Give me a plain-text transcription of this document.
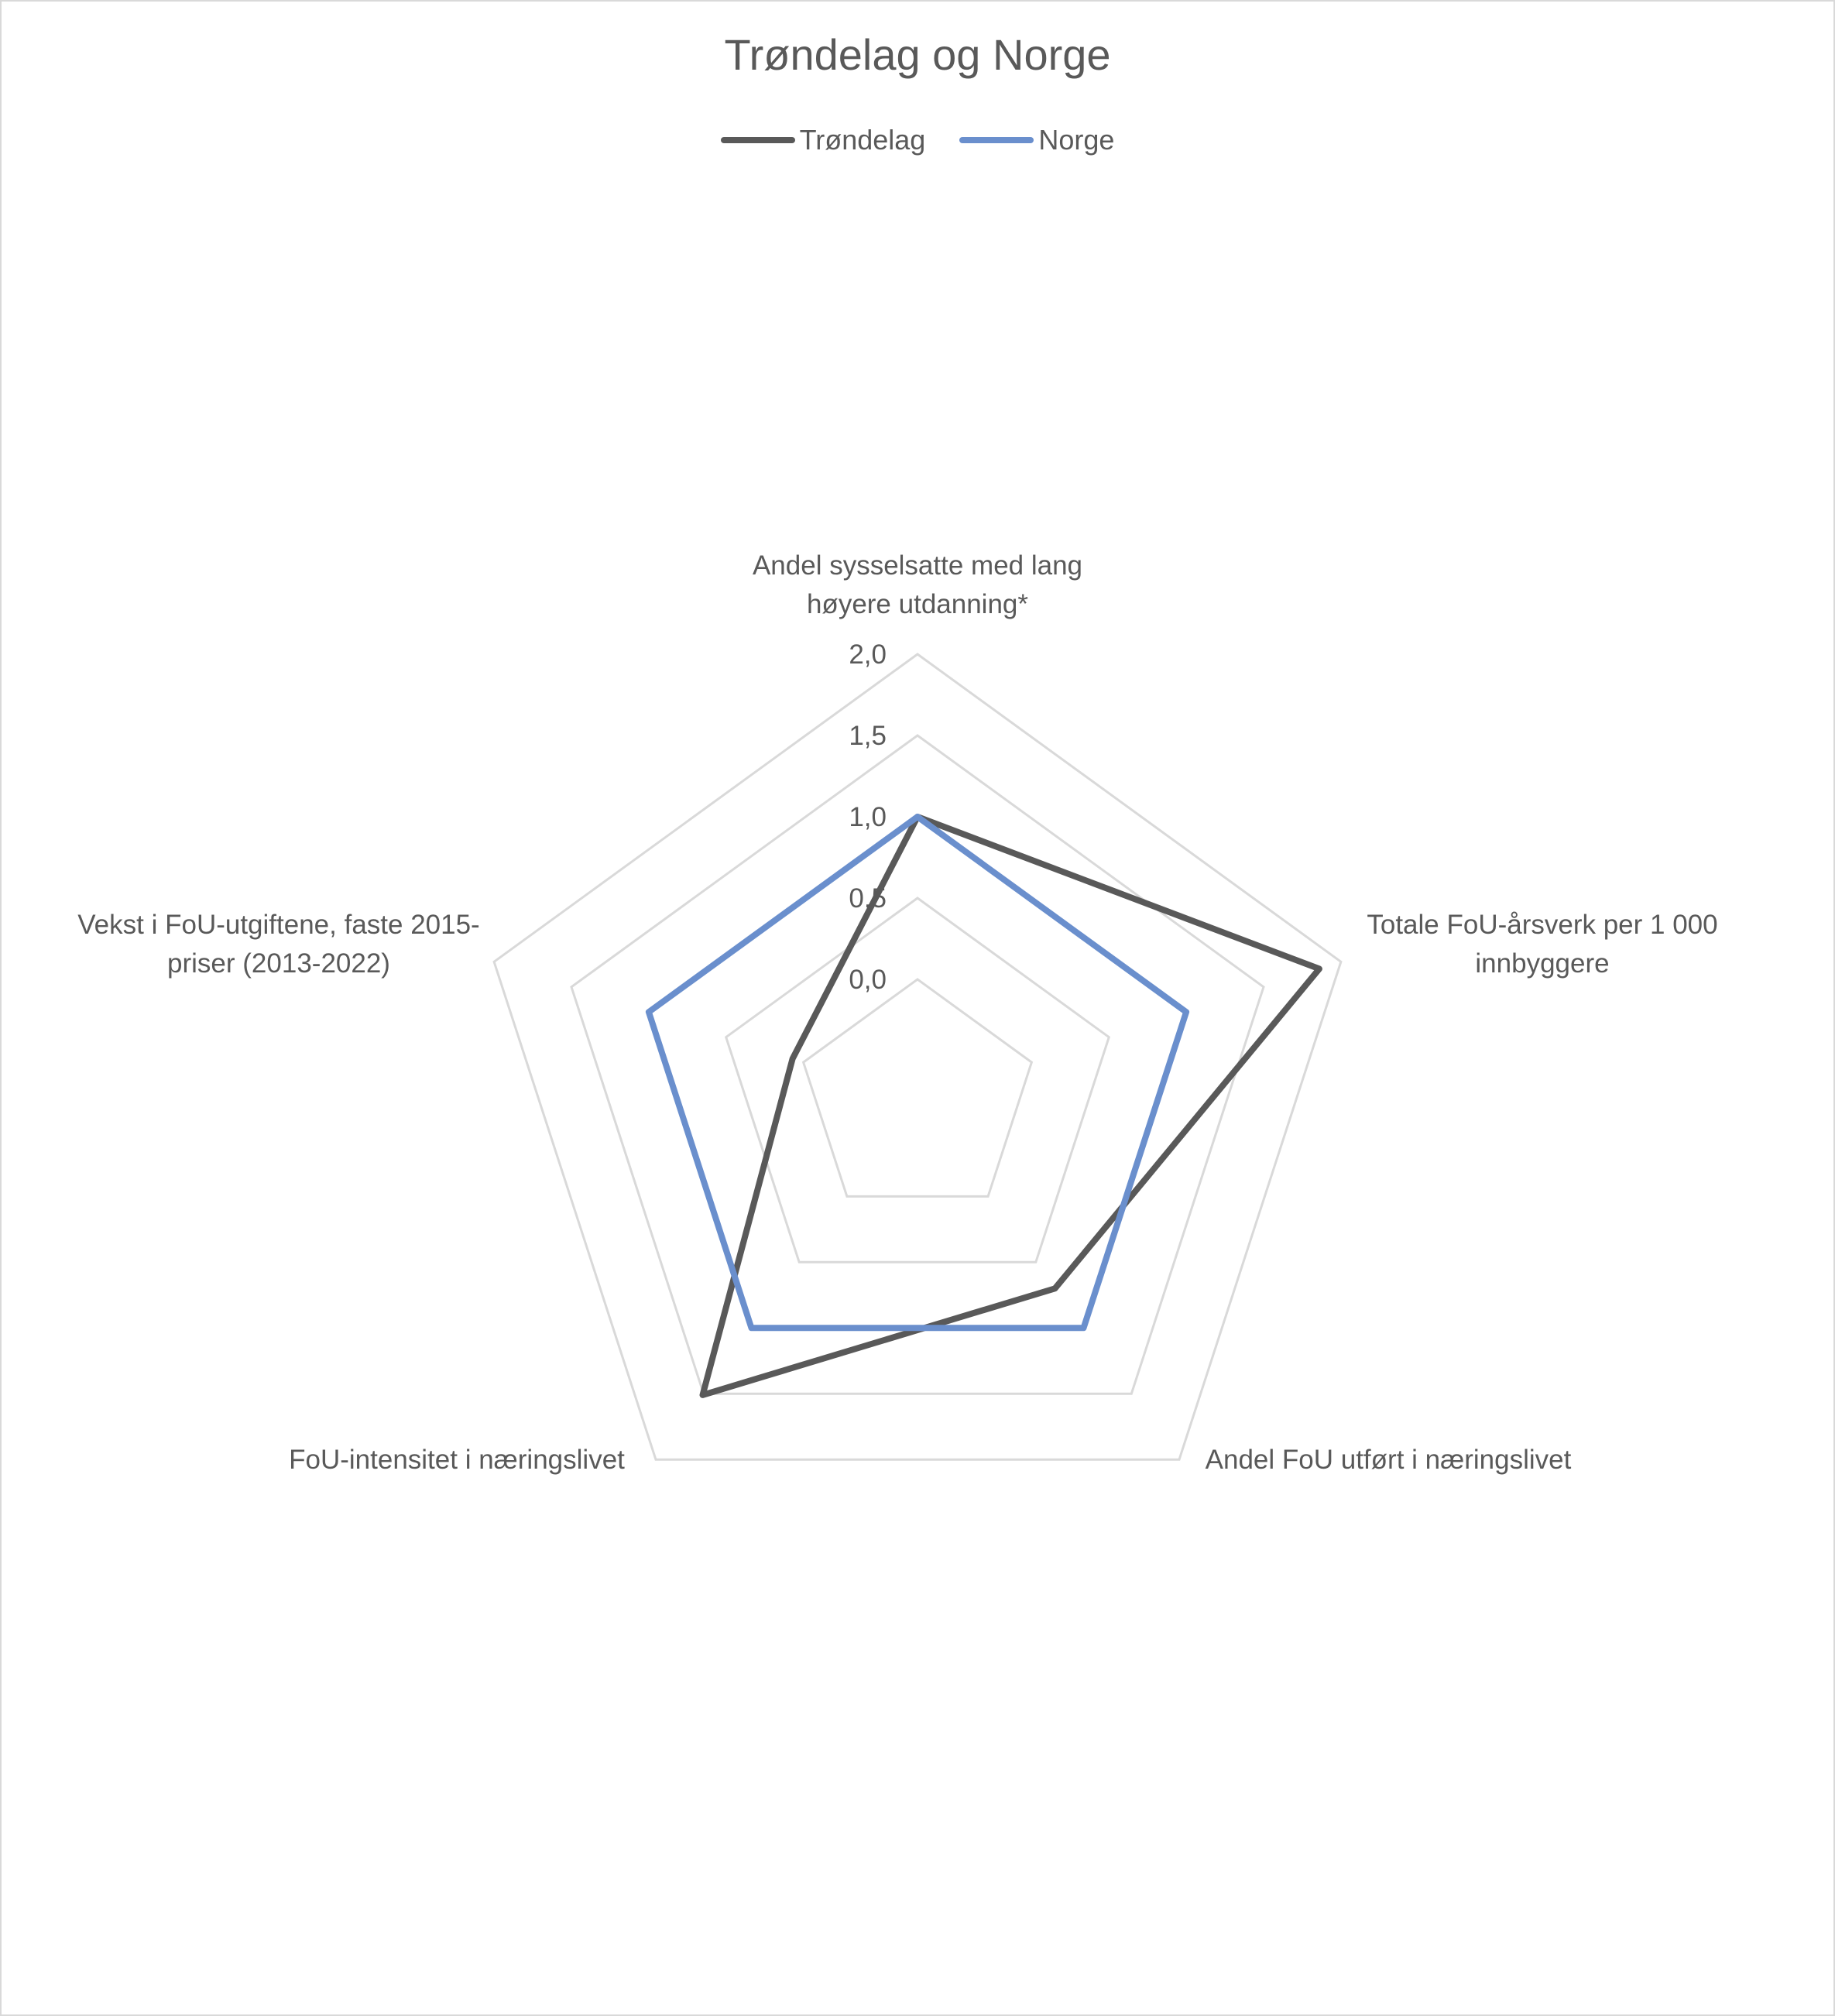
Trøndelag og Norge
Trøndelag	Norge
0,0
0,5
1,0
1,5
2,0
Andel sysselsatte med lang høyere utdanning*
Totale FoU-årsverk per 1 000 innbyggere
Andel FoU utført i næringslivet
FoU-intensitet i næringslivet
Vekst i FoU-utgiftene, faste 2015-priser (2013-2022)
